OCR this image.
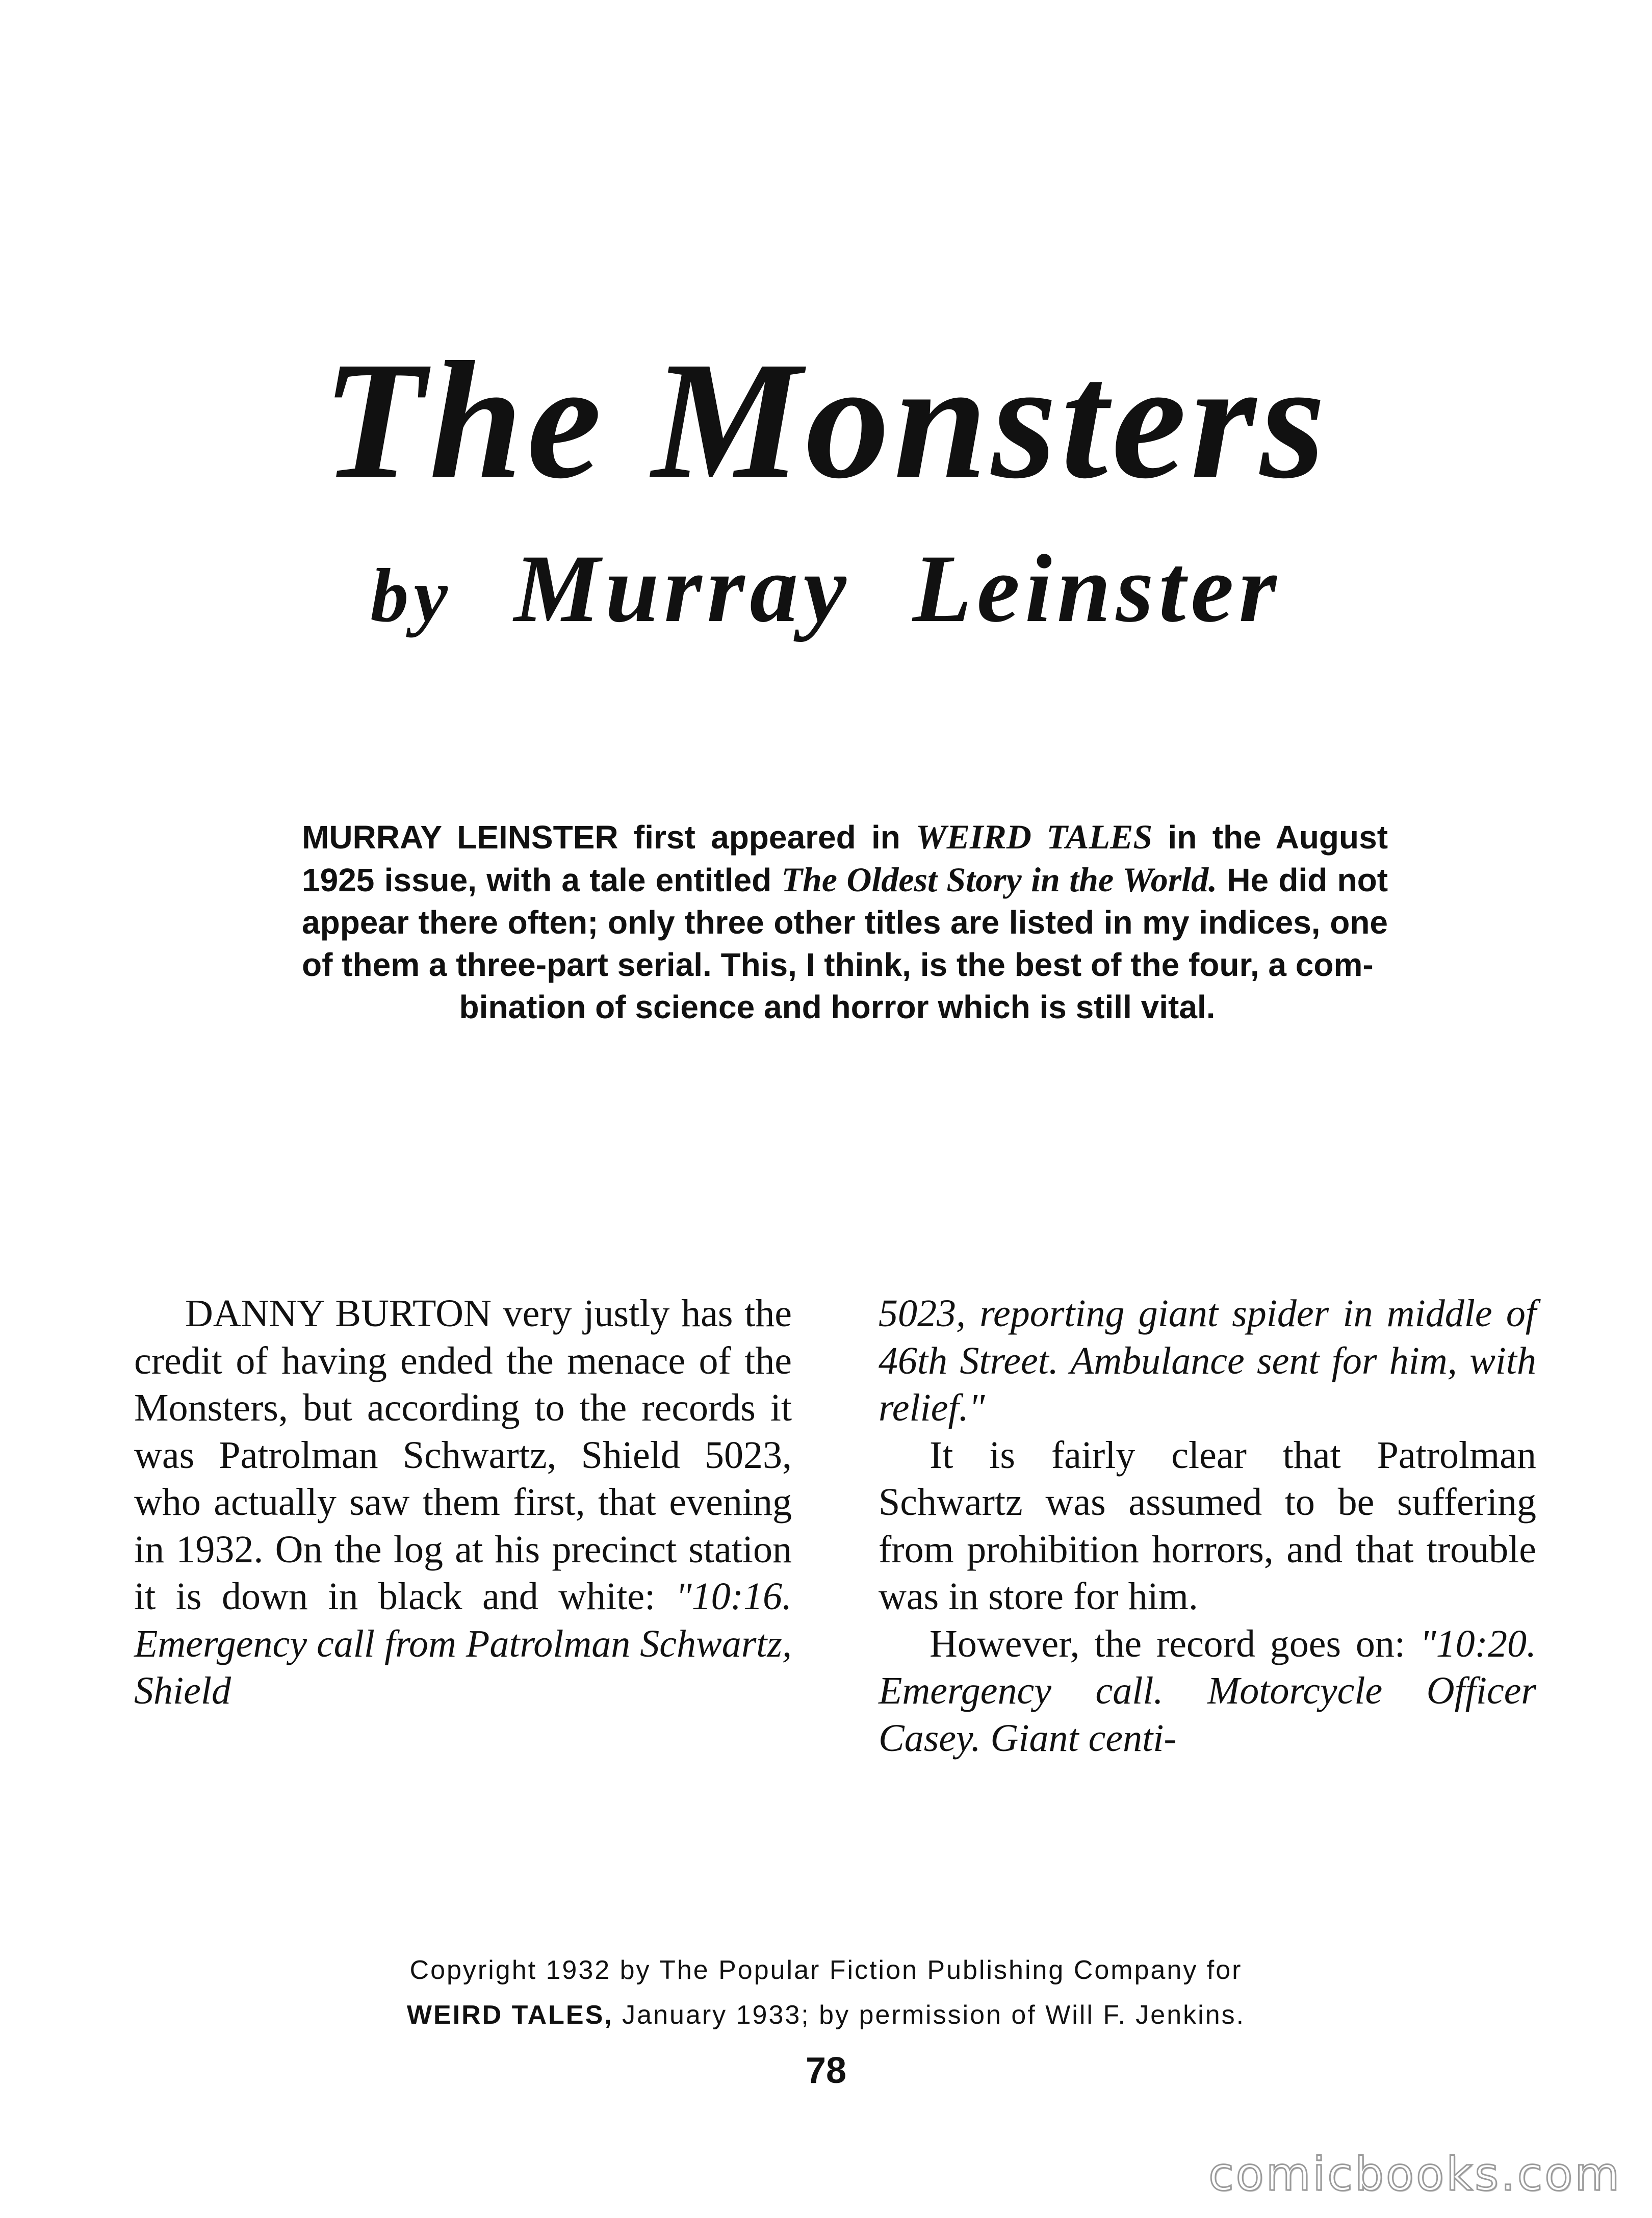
The Monsters
by Murray Leinster
MURRAY LEINSTER first appeared in WEIRD TALES in the August 1925 issue, with a tale entitled The Oldest Story in the World. He did not appear there often; only three other titles are listed in my indices, one of them a three-part serial. This, I think, is the best of the four, a com-
bination of science and horror which is still vital.

DANNY BURTON very justly has the credit of having ended the menace of the Monsters, but according to the records it was Patrolman Schwartz, Shield 5023, who actually saw them first, that evening in 1932. On the log at his precinct station it is down in black and white: "10:16. Emergency call from Patrolman Schwartz, Shield

5023, reporting giant spider in middle of 46th Street. Ambulance sent for him, with relief."

It is fairly clear that Patrolman Schwartz was assumed to be suffering from prohibition horrors, and that trouble was in store for him.

However, the record goes on: "10:20. Emergency call. Motorcycle Officer Casey. Giant centi-

Copyright 1932 by The Popular Fiction Publishing Company for
WEIRD TALES, January 1933; by permission of Will F. Jenkins.
78
comicbooks.com
